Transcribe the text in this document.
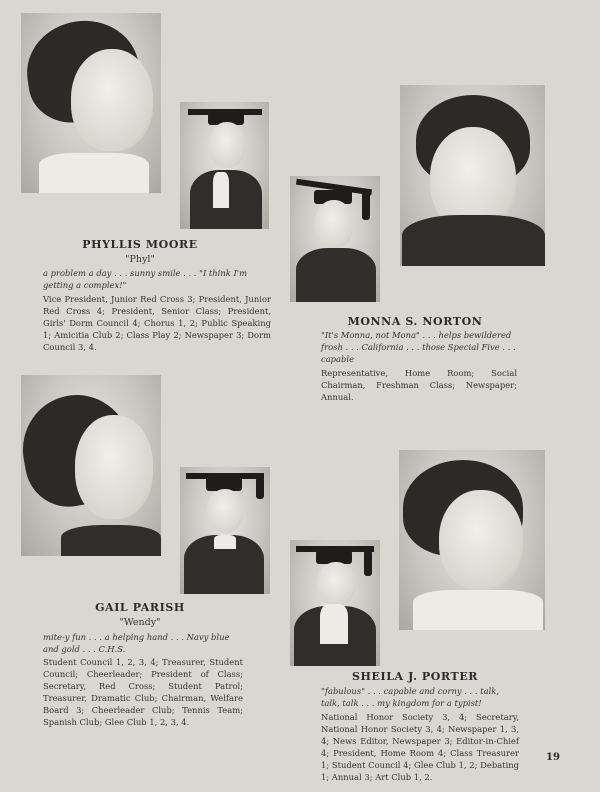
PHYLLIS MOORE
"Phyl"
a problem a day . . . sunny smile . . . "I think I'm getting a complex!"
Vice President, Junior Red Cross 3; President, Junior Red Cross 4; President, Senior Class; President, Girls' Dorm Council 4; Chorus 1, 2; Public Speaking 1; Amicitia Club 2; Class Play 2; Newspaper 3; Dorm Council 3, 4.
MONNA S. NORTON
"It's Monna, not Mona" . . . helps bewildered frosh . . . California . . . those Special Five . . . capable
Representative, Home Room; Social Chairman, Freshman Class; Newspaper; Annual.
GAIL PARISH
"Wendy"
mite-y fun . . . a helping hand . . . Navy blue and gold . . . C.H.S.
Student Council 1, 2, 3, 4; Treasurer, Student Council; Cheerleader; President of Class; Secretary, Red Cross; Student Patrol; Treasurer, Dramatic Club; Chairman, Welfare Board 3; Cheerleader Club; Tennis Team; Spanish Club; Glee Club 1, 2, 3, 4.
SHEILA J. PORTER
"fabulous" . . . capable and corny . . . talk, talk, talk . . . my kingdom for a typist!
National Honor Society 3, 4; Secretary, National Honor Society 3, 4; Newspaper 1, 3, 4; News Editor, Newspaper 3; Editor-in-Chief 4; President, Home Room 4; Class Treasurer 1; Student Council 4; Glee Club 1, 2; Debating 1; Annual 3; Art Club 1, 2.
19
